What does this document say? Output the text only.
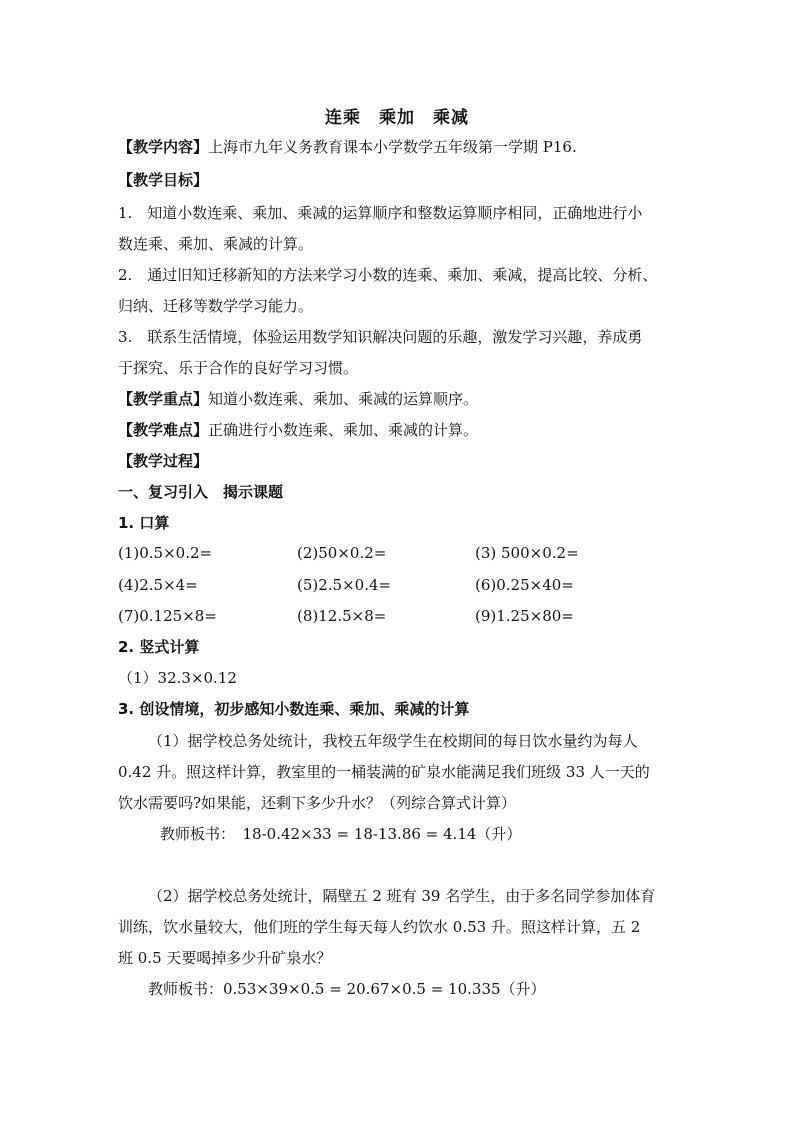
连乘 乘加 乘减
【教学内容】上海市九年义务教育课本小学数学五年级第一学期 P16.
【教学目标】
1.　知道小数连乘、乘加、乘减的运算顺序和整数运算顺序相同，正确地进行小
数连乘、乘加、乘减的计算。
2.　通过旧知迁移新知的方法来学习小数的连乘、乘加、乘减，提高比较、分析、
归纳、迁移等数学学习能力。
3.　联系生活情境，体验运用数学知识解决问题的乐趣，激发学习兴趣，养成勇
于探究、乐于合作的良好学习习惯。
【教学重点】知道小数连乘、乘加、乘减的运算顺序。
【教学难点】正确进行小数连乘、乘加、乘减的计算。
【教学过程】
一、复习引入　揭示课题
1. 口算
(1)0.5×0.2=	(2)50×0.2=	(3) 500×0.2=
(4)2.5×4=	(5)2.5×0.4=	(6)0.25×40=
(7)0.125×8=	(8)12.5×8=	(9)1.25×80=
2. 竖式计算
（1）32.3×0.12
3. 创设情境，初步感知小数连乘、乘加、乘减的计算
（1）据学校总务处统计，我校五年级学生在校期间的每日饮水量约为每人
0.42 升。照这样计算，教室里的一桶装满的矿泉水能满足我们班级 33 人一天的
饮水需要吗?如果能，还剩下多少升水？（列综合算式计算）
教师板书：　18-0.42×33 = 18-13.86 = 4.14（升）
（2）据学校总务处统计，隔壁五 2 班有 39 名学生，由于多名同学参加体育
训练，饮水量较大，他们班的学生每天每人约饮水 0.53 升。照这样计算，五 2
班 0.5 天要喝掉多少升矿泉水？
教师板书：0.53×39×0.5 = 20.67×0.5 = 10.335（升）
